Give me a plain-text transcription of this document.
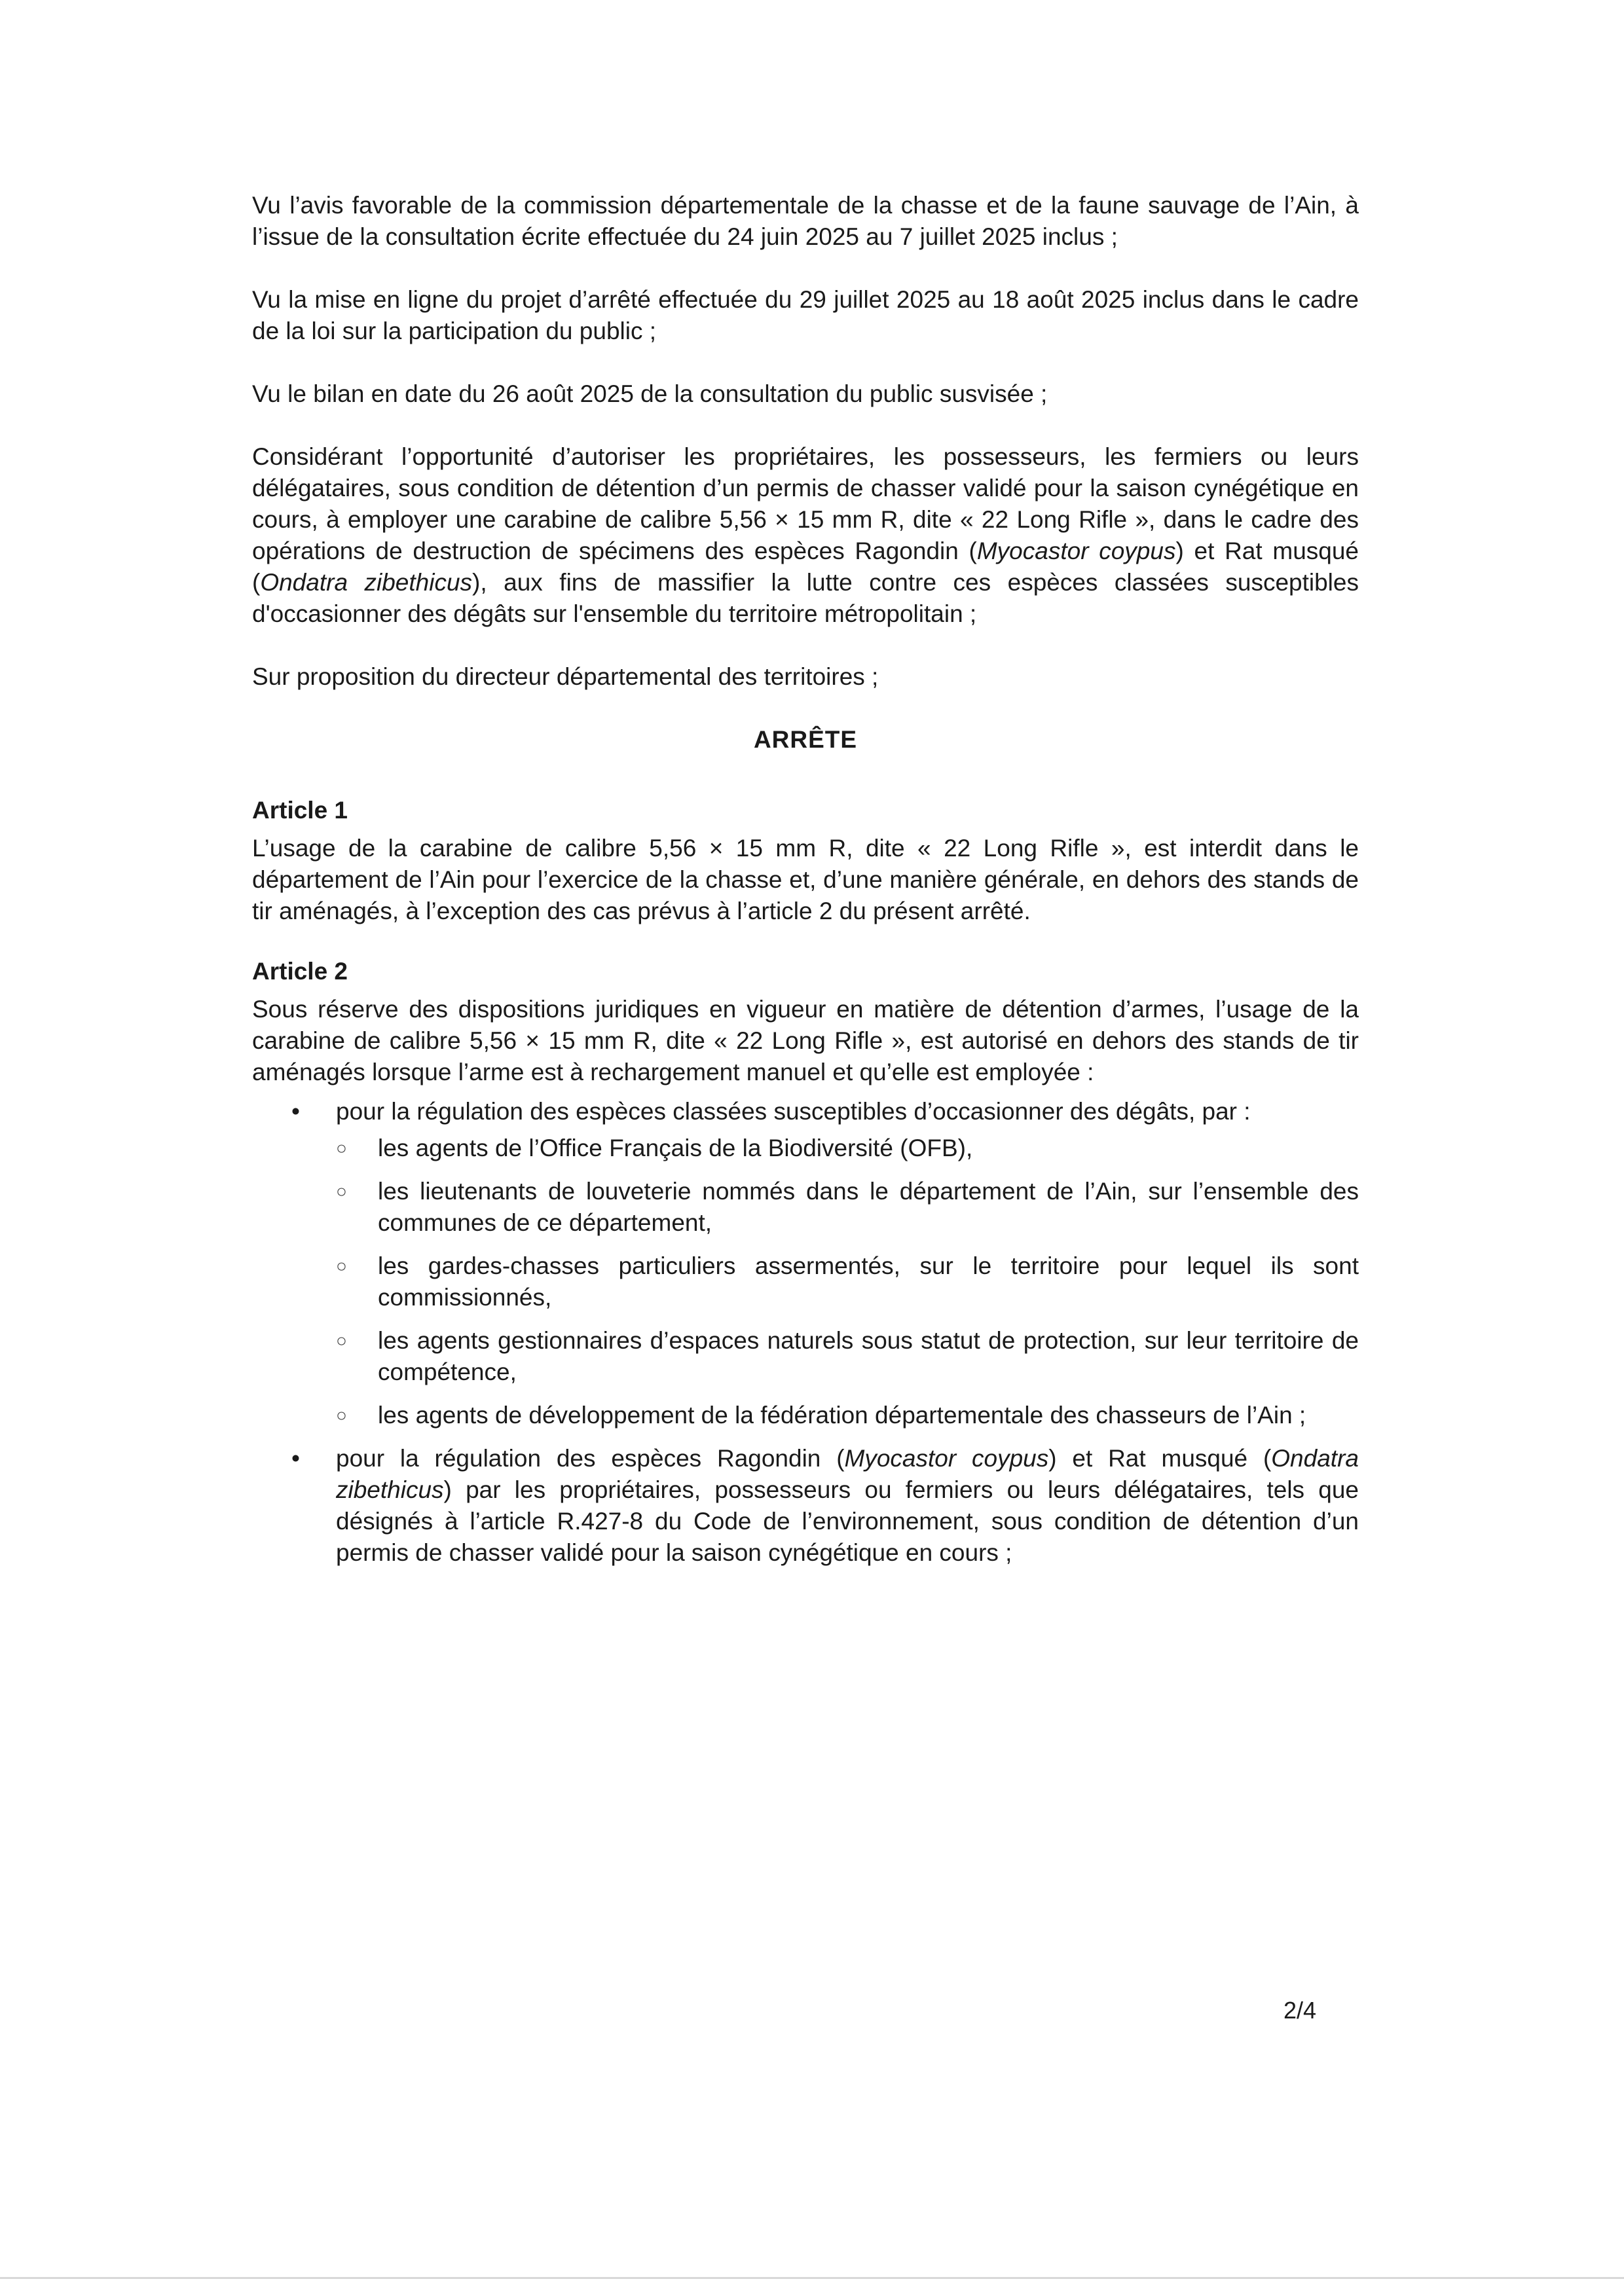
Vu l’avis favorable de la commission départementale de la chasse et de la faune sauvage de l’Ain, à l’issue de la consultation écrite effectuée du 24 juin 2025 au 7 juillet 2025 inclus ;

Vu la mise en ligne du projet d’arrêté effectuée du 29 juillet 2025 au 18 août 2025 inclus dans le cadre de la loi sur la participation du public ;

Vu le bilan en date du 26 août 2025 de la consultation du public susvisée ;

Considérant l’opportunité d’autoriser les propriétaires, les possesseurs, les fermiers ou leurs délégataires, sous condition de détention d’un permis de chasser validé pour la saison cynégétique en cours, à employer une carabine de calibre 5,56 × 15 mm R, dite « 22 Long Rifle », dans le cadre des opérations de destruction de spécimens des espèces Ragondin (Myocastor coypus) et Rat musqué (Ondatra zibethicus), aux fins de massifier la lutte contre ces espèces classées susceptibles d'occasionner des dégâts sur l'ensemble du territoire métropolitain ;

Sur proposition du directeur départemental des territoires ;

ARRÊTE

Article 1

L’usage de la carabine de calibre 5,56 × 15 mm R, dite « 22 Long Rifle », est interdit dans le département de l’Ain pour l’exercice de la chasse et, d’une manière générale, en dehors des stands de tir aménagés, à l’exception des cas prévus à l’article 2 du présent arrêté.

Article 2

Sous réserve des dispositions juridiques en vigueur en matière de détention d’armes, l’usage de la carabine de calibre 5,56 × 15 mm R, dite « 22 Long Rifle », est autorisé en dehors des stands de tir aménagés lorsque l’arme est à rechargement manuel et qu’elle est employée :

• pour la régulation des espèces classées susceptibles d’occasionner des dégâts, par :

○ les agents de l’Office Français de la Biodiversité (OFB),

○ les lieutenants de louveterie nommés dans le département de l’Ain, sur l’ensemble des communes de ce département,

○ les gardes-chasses particuliers assermentés, sur le territoire pour lequel ils sont commissionnés,

○ les agents gestionnaires d’espaces naturels sous statut de protection, sur leur territoire de compétence,

○ les agents de développement de la fédération départementale des chasseurs de l’Ain ;

• pour la régulation des espèces Ragondin (Myocastor coypus) et Rat musqué (Ondatra zibethicus) par les propriétaires, possesseurs ou fermiers ou leurs délégataires, tels que désignés à l’article R.427-8 du Code de l’environnement, sous condition de détention d’un permis de chasser validé pour la saison cynégétique en cours ;

2/4
